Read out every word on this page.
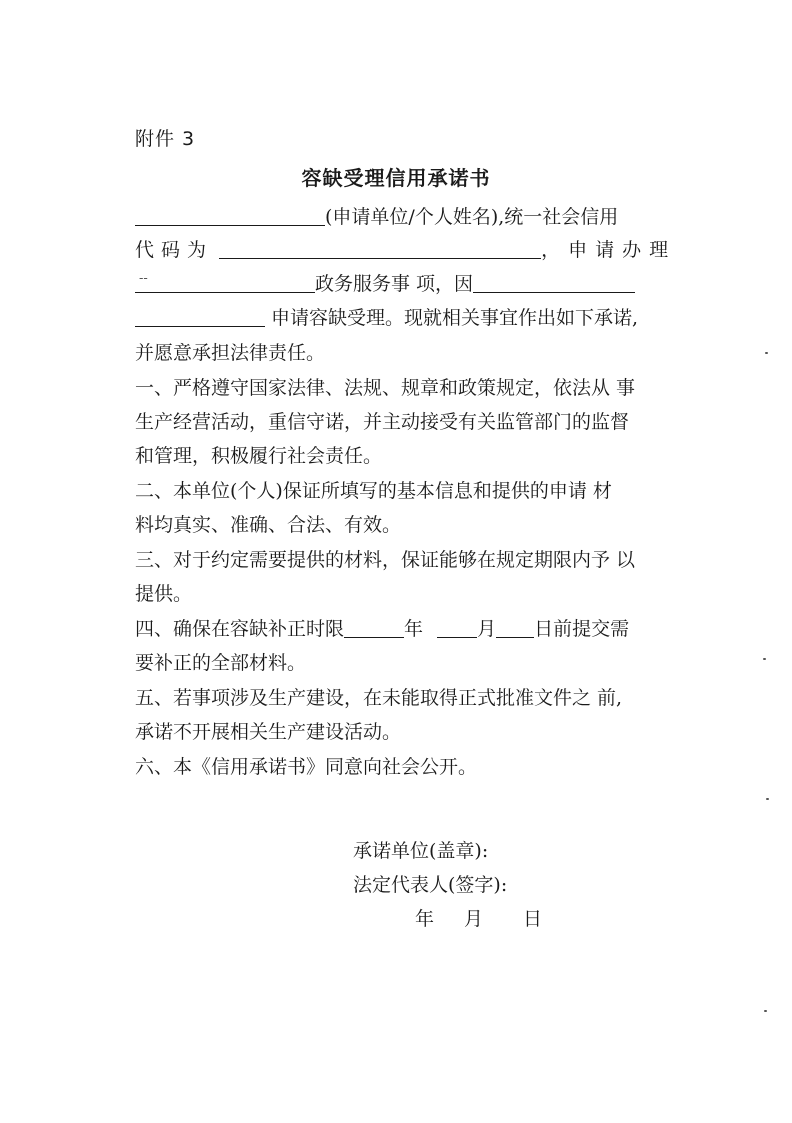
附件 3
容缺受理信用承诺书
(申请单位/个人姓名),统一社会信用
代码为	，申请办理
--	政务服务事 项，因
申请容缺受理。现就相关事宜作出如下承诺,
并愿意承担法律责任。
一、严格遵守国家法律、法规、规章和政策规定，依法从 事
生产经营活动，重信守诺，并主动接受有关监管部门的监督
和管理，积极履行社会责任。
二、本单位(个人)保证所填写的基本信息和提供的申请 材
料均真实、准确、合法、有效。
三、对于约定需要提供的材料，保证能够在规定期限内予 以
提供。
四、确保在容缺补正时限	年	月 日前提交需
要补正的全部材料。
五、若事项涉及生产建设，在未能取得正式批准文件之 前,
承诺不开展相关生产建设活动。
六、本《信用承诺书》同意向社会公开。
承诺单位(盖章):
法定代表人(签字):
年 月 日
